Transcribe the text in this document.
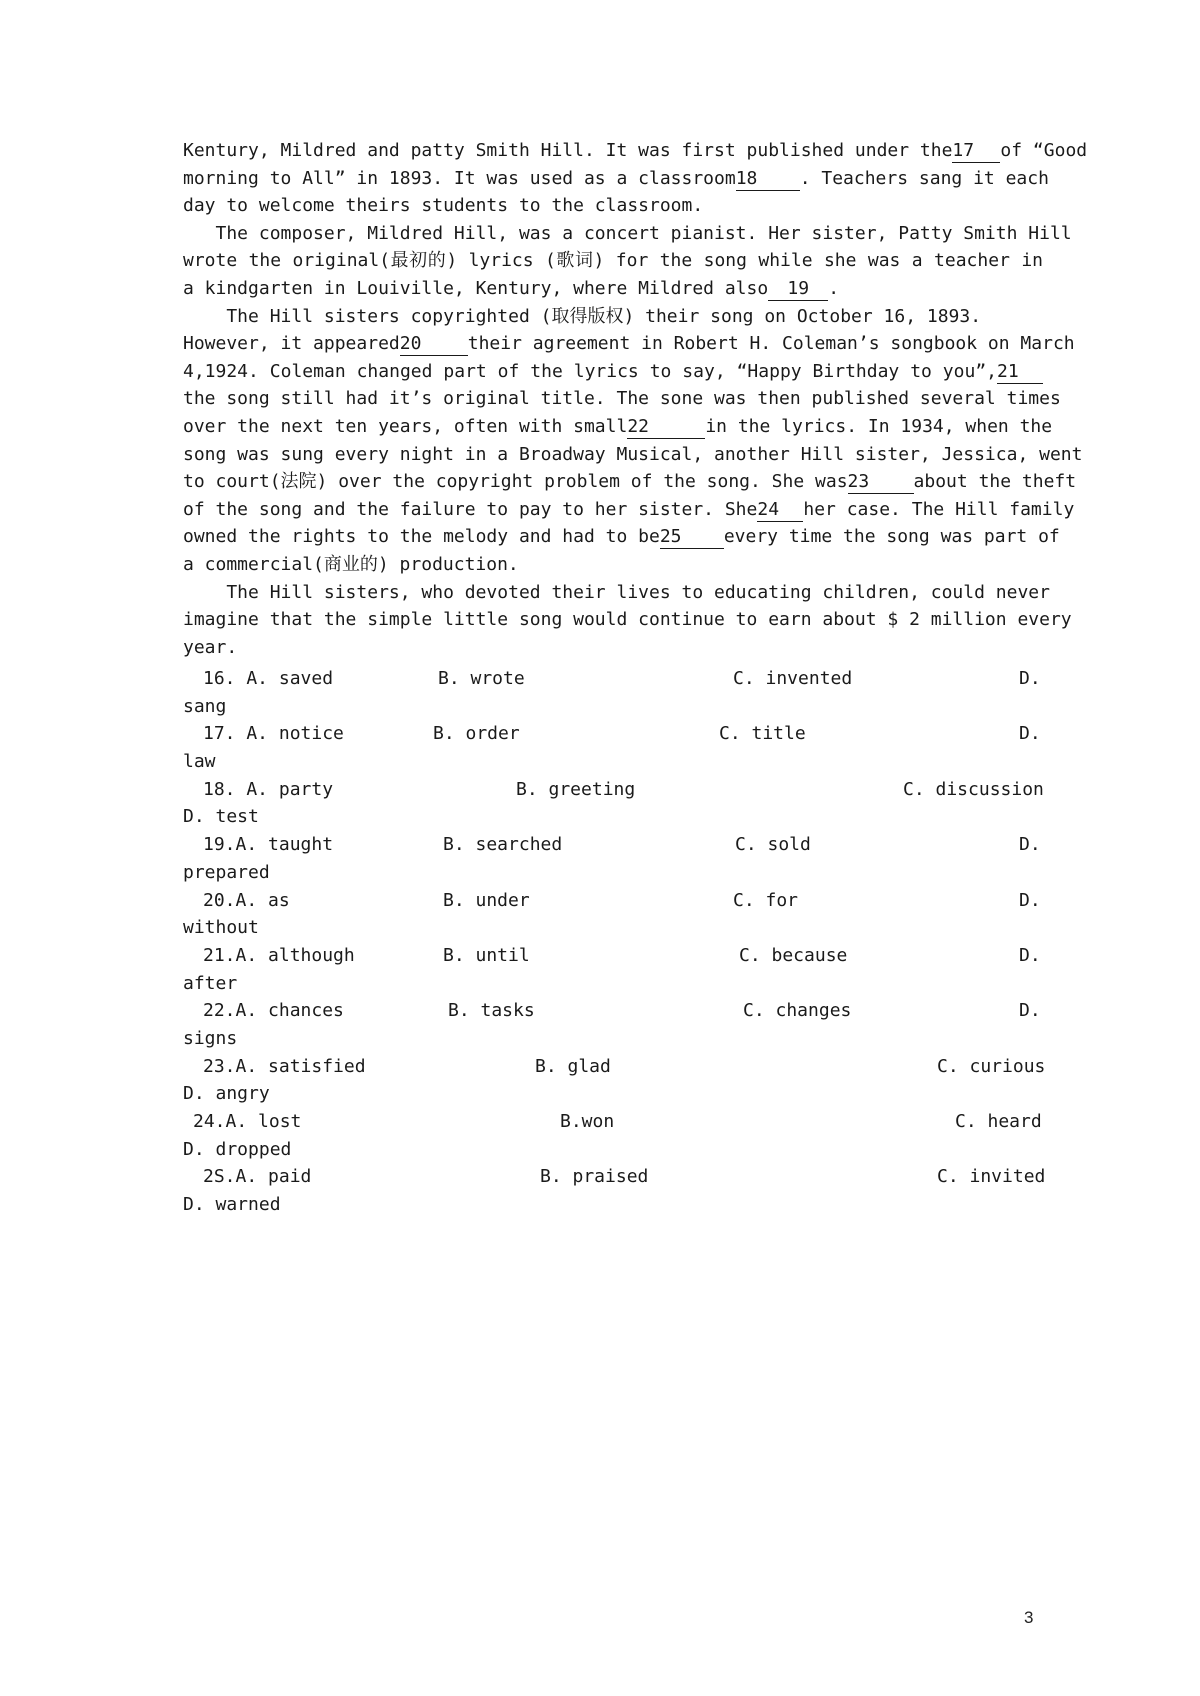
Kentury, Mildred and patty Smith Hill. It was first published under the17 of “Good
morning to All” in 1893. It was used as a classroom18 . Teachers sang it each
day to welcome theirs students to the classroom.
The composer, Mildred Hill, was a concert pianist. Her sister, Patty Smith Hill
wrote the original(最初的) lyrics (歌词) for the song while she was a teacher in
a kindgarten in Louiville, Kentury, where Mildred also 19 .
The Hill sisters copyrighted (取得版权) their song on October 16, 1893.
However, it appeared20	their agreement in Robert H. Coleman’s songbook on March
4,1924. Coleman changed part of the lyrics to say, “Happy Birthday to you”,21
the song still had it’s original title. The sone was then published several times
over the next ten years, often with small22	in the lyrics. In 1934, when the
song was sung every night in a Broadway Musical, another Hill sister, Jessica, went
to court(法院) over the copyright problem of the song. She was23 about the theft
of the song and the failure to pay to her sister. She24 her case. The Hill family
owned the rights to the melody and had to be25 every time the song was part of
a commercial(商业的) production.
The Hill sisters, who devoted their lives to educating children, could never
imagine that the simple little song would continue to earn about $ 2 million every
year.
16. A. saved	B. wrote	C. invented	D.
sang
17. A. notice	B. order	C. title	D.
law
18. A. party	B. greeting	C. discussion
D. test
19.A. taught	B. searched	C. sold	D.
prepared
20.A. as	B. under	C. for	D.
without
21.A. although	B. until	C. because	D.
after
22.A. chances	B. tasks	C. changes	D.
signs
23.A. satisfied	B. glad	C. curious
D. angry
24.A. lost	B.won	C. heard
D. dropped
2S.A. paid	B. praised	C. invited
D. warned
3
